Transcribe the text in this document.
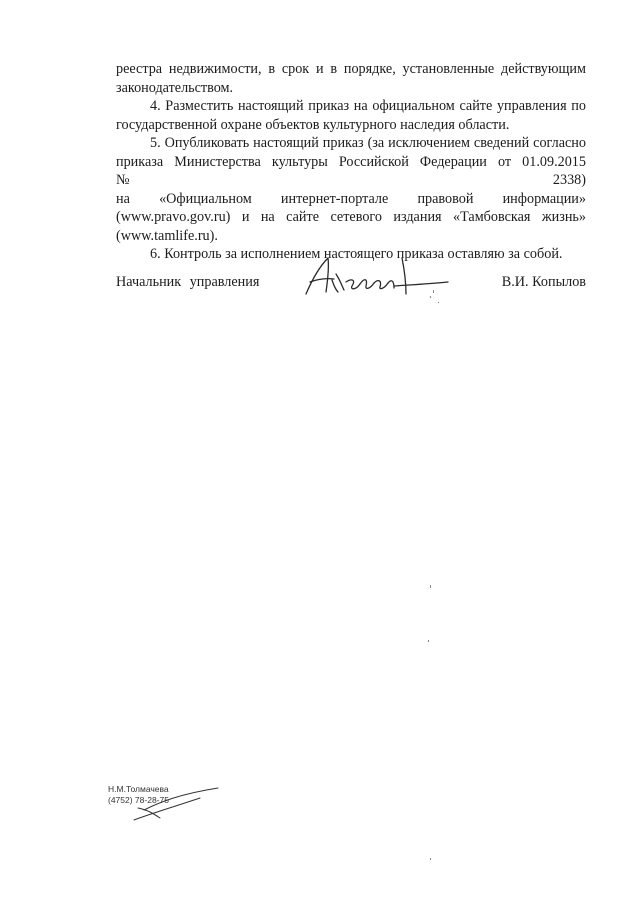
реестра недвижимости, в срок и в порядке, установленные действующим
законодательством.

4. Разместить настоящий приказ на официальном сайте управления по
государственной охране объектов культурного наследия области.

5. Опубликовать настоящий приказ (за исключением сведений согласно
приказа Министерства культуры Российской Федерации от 01.09.2015 №2338)
на «Официальном интернет-портале правовой информации»
(www.pravo.gov.ru) и на сайте сетевого издания «Тамбовская жизнь»
(www.tamlife.ru).

6. Контроль за исполнением настоящего приказа оставляю за собой.

Начальник управления	В.И. Копылов
Н.М.Толмачева
(4752) 78-28-75
